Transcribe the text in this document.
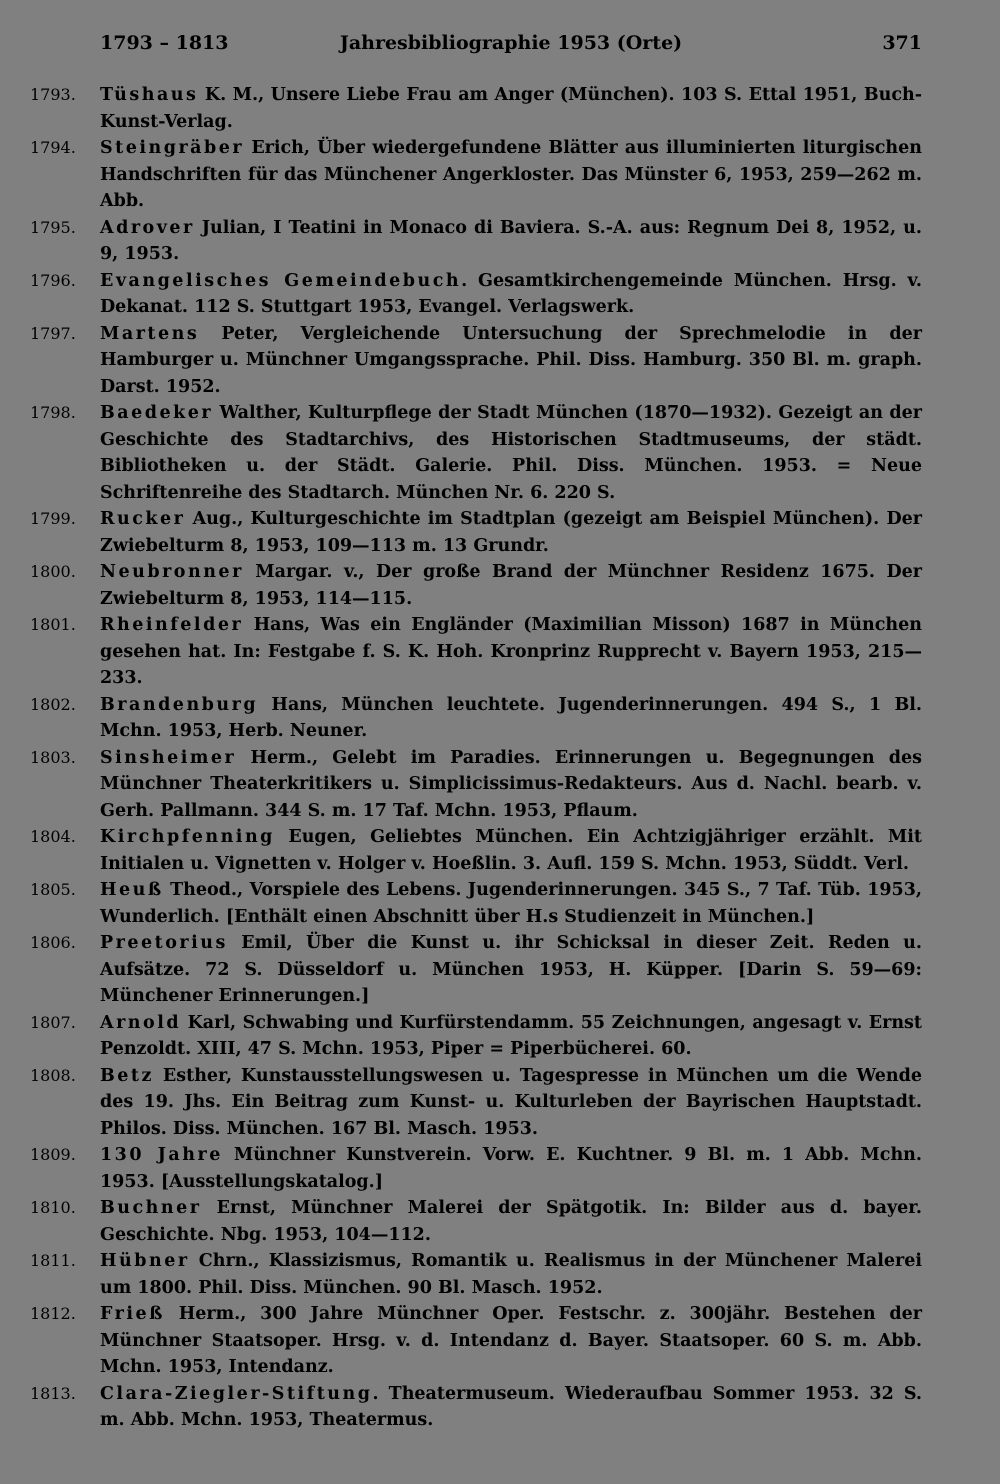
1793 – 1813	Jahresbibliographie 1953 (Orte)	371
1793.	Tüshaus K. M., Unsere Liebe Frau am Anger (München). 103 S. Ettal 1951, Buch-Kunst-Verlag.
1794.	Steingräber Erich, Über wiedergefundene Blätter aus illuminierten liturgischen Handschriften für das Münchener Angerkloster. Das Münster 6, 1953, 259—262 m. Abb.
1795.	Adrover Julian, I Teatini in Monaco di Baviera. S.-A. aus: Regnum Dei 8, 1952, u. 9, 1953.
1796.	Evangelisches Gemeindebuch. Gesamtkirchengemeinde München. Hrsg. v. Dekanat. 112 S. Stuttgart 1953, Evangel. Verlagswerk.
1797.	Martens Peter, Vergleichende Untersuchung der Sprechmelodie in der Hamburger u. Münchner Umgangssprache. Phil. Diss. Hamburg. 350 Bl. m. graph. Darst. 1952.
1798.	Baedeker Walther, Kulturpflege der Stadt München (1870—1932). Gezeigt an der Geschichte des Stadtarchivs, des Historischen Stadtmuseums, der städt. Bibliotheken u. der Städt. Galerie. Phil. Diss. München. 1953. = Neue Schriftenreihe des Stadtarch. München Nr. 6. 220 S.
1799.	Rucker Aug., Kulturgeschichte im Stadtplan (gezeigt am Beispiel München). Der Zwiebelturm 8, 1953, 109—113 m. 13 Grundr.
1800.	Neubronner Margar. v., Der große Brand der Münchner Residenz 1675. Der Zwiebelturm 8, 1953, 114—115.
1801.	Rheinfelder Hans, Was ein Engländer (Maximilian Misson) 1687 in München gesehen hat. In: Festgabe f. S. K. Hoh. Kronprinz Rupprecht v. Bayern 1953, 215—233.
1802.	Brandenburg Hans, München leuchtete. Jugenderinnerungen. 494 S., 1 Bl. Mchn. 1953, Herb. Neuner.
1803.	Sinsheimer Herm., Gelebt im Paradies. Erinnerungen u. Begegnungen des Münchner Theaterkritikers u. Simplicissimus-Redakteurs. Aus d. Nachl. bearb. v. Gerh. Pallmann. 344 S. m. 17 Taf. Mchn. 1953, Pflaum.
1804.	Kirchpfenning Eugen, Geliebtes München. Ein Achtzigjähriger erzählt. Mit Initialen u. Vignetten v. Holger v. Hoeßlin. 3. Aufl. 159 S. Mchn. 1953, Süddt. Verl.
1805.	Heuß Theod., Vorspiele des Lebens. Jugenderinnerungen. 345 S., 7 Taf. Tüb. 1953, Wunderlich. [Enthält einen Abschnitt über H.s Studienzeit in München.]
1806.	Preetorius Emil, Über die Kunst u. ihr Schicksal in dieser Zeit. Reden u. Aufsätze. 72 S. Düsseldorf u. München 1953, H. Küpper. [Darin S. 59—69: Münchener Erinnerungen.]
1807.	Arnold Karl, Schwabing und Kurfürstendamm. 55 Zeichnungen, angesagt v. Ernst Penzoldt. XIII, 47 S. Mchn. 1953, Piper = Piperbücherei. 60.
1808.	Betz Esther, Kunstausstellungswesen u. Tagespresse in München um die Wende des 19. Jhs. Ein Beitrag zum Kunst- u. Kulturleben der Bayrischen Hauptstadt. Philos. Diss. München. 167 Bl. Masch. 1953.
1809.	130 Jahre Münchner Kunstverein. Vorw. E. Kuchtner. 9 Bl. m. 1 Abb. Mchn. 1953. [Ausstellungskatalog.]
1810.	Buchner Ernst, Münchner Malerei der Spätgotik. In: Bilder aus d. bayer. Geschichte. Nbg. 1953, 104—112.
1811.	Hübner Chrn., Klassizismus, Romantik u. Realismus in der Münchener Malerei um 1800. Phil. Diss. München. 90 Bl. Masch. 1952.
1812.	Frieß Herm., 300 Jahre Münchner Oper. Festschr. z. 300jähr. Bestehen der Münchner Staatsoper. Hrsg. v. d. Intendanz d. Bayer. Staatsoper. 60 S. m. Abb. Mchn. 1953, Intendanz.
1813.	Clara-Ziegler-Stiftung. Theatermuseum. Wiederaufbau Sommer 1953. 32 S. m. Abb. Mchn. 1953, Theatermus.
